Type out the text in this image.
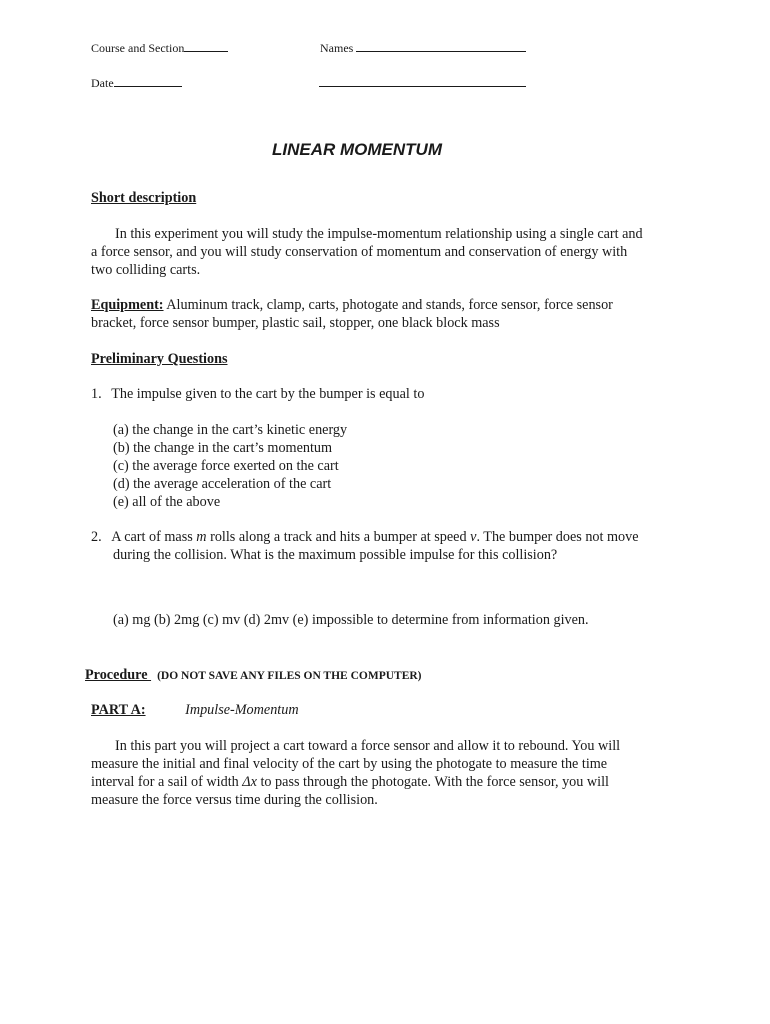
Course and Section	Names
Date
LINEAR MOMENTUM
Short description
In this experiment you will study the impulse-momentum relationship using a single cart and
a force sensor, and you will study conservation of momentum and conservation of energy with
two colliding carts.
Equipment: Aluminum track, clamp, carts, photogate and stands, force sensor, force sensor
bracket, force sensor bumper, plastic sail, stopper, one black block mass
Preliminary Questions
1. The impulse given to the cart by the bumper is equal to
(a) the change in the cart’s kinetic energy
(b) the change in the cart’s momentum
(c) the average force exerted on the cart
(d) the average acceleration of the cart
(e) all of the above
2. A cart of mass m rolls along a track and hits a bumper at speed v. The bumper does not move
during the collision. What is the maximum possible impulse for this collision?
(a) mg (b) 2mg (c) mv (d) 2mv (e) impossible to determine from information given.
Procedure (DO NOT SAVE ANY FILES ON THE COMPUTER)
PART A:	Impulse-Momentum
In this part you will project a cart toward a force sensor and allow it to rebound. You will
measure the initial and final velocity of the cart by using the photogate to measure the time
interval for a sail of width Δx to pass through the photogate. With the force sensor, you will
measure the force versus time during the collision.
